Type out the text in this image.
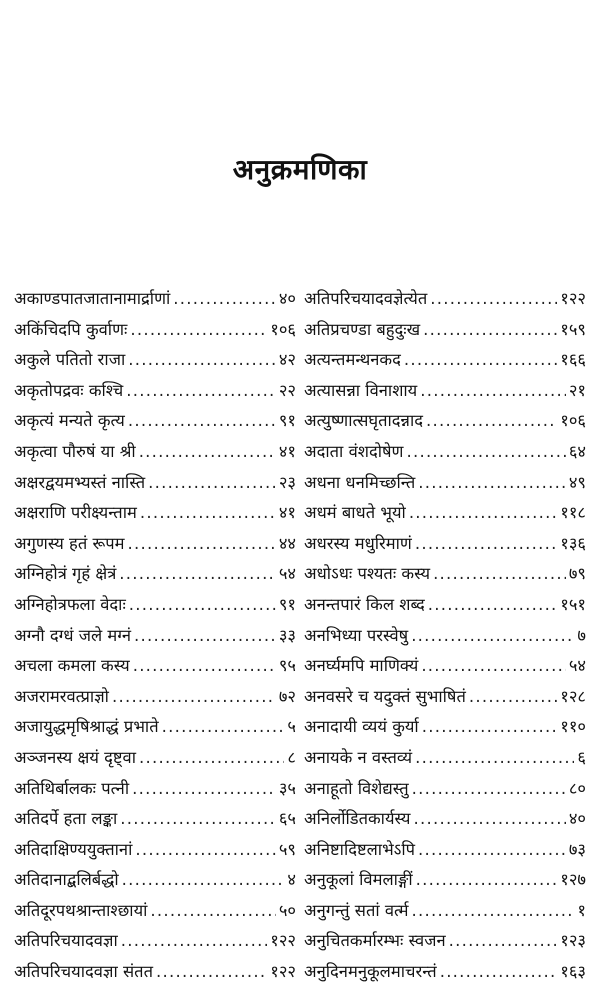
अनुक्रमणिका
अकाण्डपातजातानामार्द्राणां . . .	४०
अकिंचिदपि कुर्वाणः . . .	१०६
अकुले पतितो राजा . . .	४२
अकृतोपद्रवः कश्चि . . .	२२
अकृत्यं मन्यते कृत्य . . .	९१
अकृत्वा पौरुषं या श्री . . .	४१
अक्षरद्वयमभ्यस्तं नास्ति . . .	२३
अक्षराणि परीक्ष्यन्ताम . . .	४१
अगुणस्य हतं रूपम . . .	४४
अग्निहोत्रं गृहं क्षेत्रं . . .	५४
अग्निहोत्रफला वेदाः . . .	९१
अग्नौ दग्धं जले मग्नं . . .	३३
अचला कमला कस्य . . .	९५
अजरामरवत्प्राज्ञो . . .	७२
अजायुद्धमृषिश्राद्धं प्रभाते . . .	५
अञ्जनस्य क्षयं दृष्ट्वा . . .	८
अतिथिर्बालकः पत्नी . . .	३५
अतिदर्पे हता लङ्का . . .	६५
अतिदाक्षिण्ययुक्तानां . . .	५९
अतिदानाद्बलिर्बद्धो . . .	४
अतिदूरपथश्रान्ताश्छायां . . .	५०
अतिपरिचयादवज्ञा . . .	१२२
अतिपरिचयादवज्ञा संतत . . .	१२२
अतिपरिचयादवज्ञेत्येत . . .	१२२
अतिप्रचण्डा बहुदुःख . . .	१५९
अत्यन्तमन्थनकद . . .	१६६
अत्यासन्ना विनाशाय . . .	२१
अत्युष्णात्सघृतादन्नाद . . .	१०६
अदाता वंशदोषेण . . .	६४
अधना धनमिच्छन्ति . . .	४९
अधमं बाधते भूयो . . .	११८
अधरस्य मधुरिमाणं . . .	१३६
अधोऽधः पश्यतः कस्य . . .	७९
अनन्तपारं किल शब्द . . .	१५१
अनभिध्या परस्वेषु . . .	७
अनर्घ्यमपि माणिक्यं . . .	५४
अनवसरे च यदुक्तं सुभाषितं . . .	१२८
अनादायी व्ययं कुर्या . . .	११०
अनायके न वस्तव्यं . . .	६
अनाहूतो विशेद्यस्तु . . .	८०
अनिर्लोडितकार्यस्य . . .	४०
अनिष्टादिष्टलाभेऽपि . . .	७३
अनुकूलां विमलाङ्गीं . . .	१२७
अनुगन्तुं सतां वर्त्म . . .	१
अनुचितकर्मारम्भः स्वजन . . .	१२३
अनुदिनमनुकूलमाचरन्तं . . .	१६३
